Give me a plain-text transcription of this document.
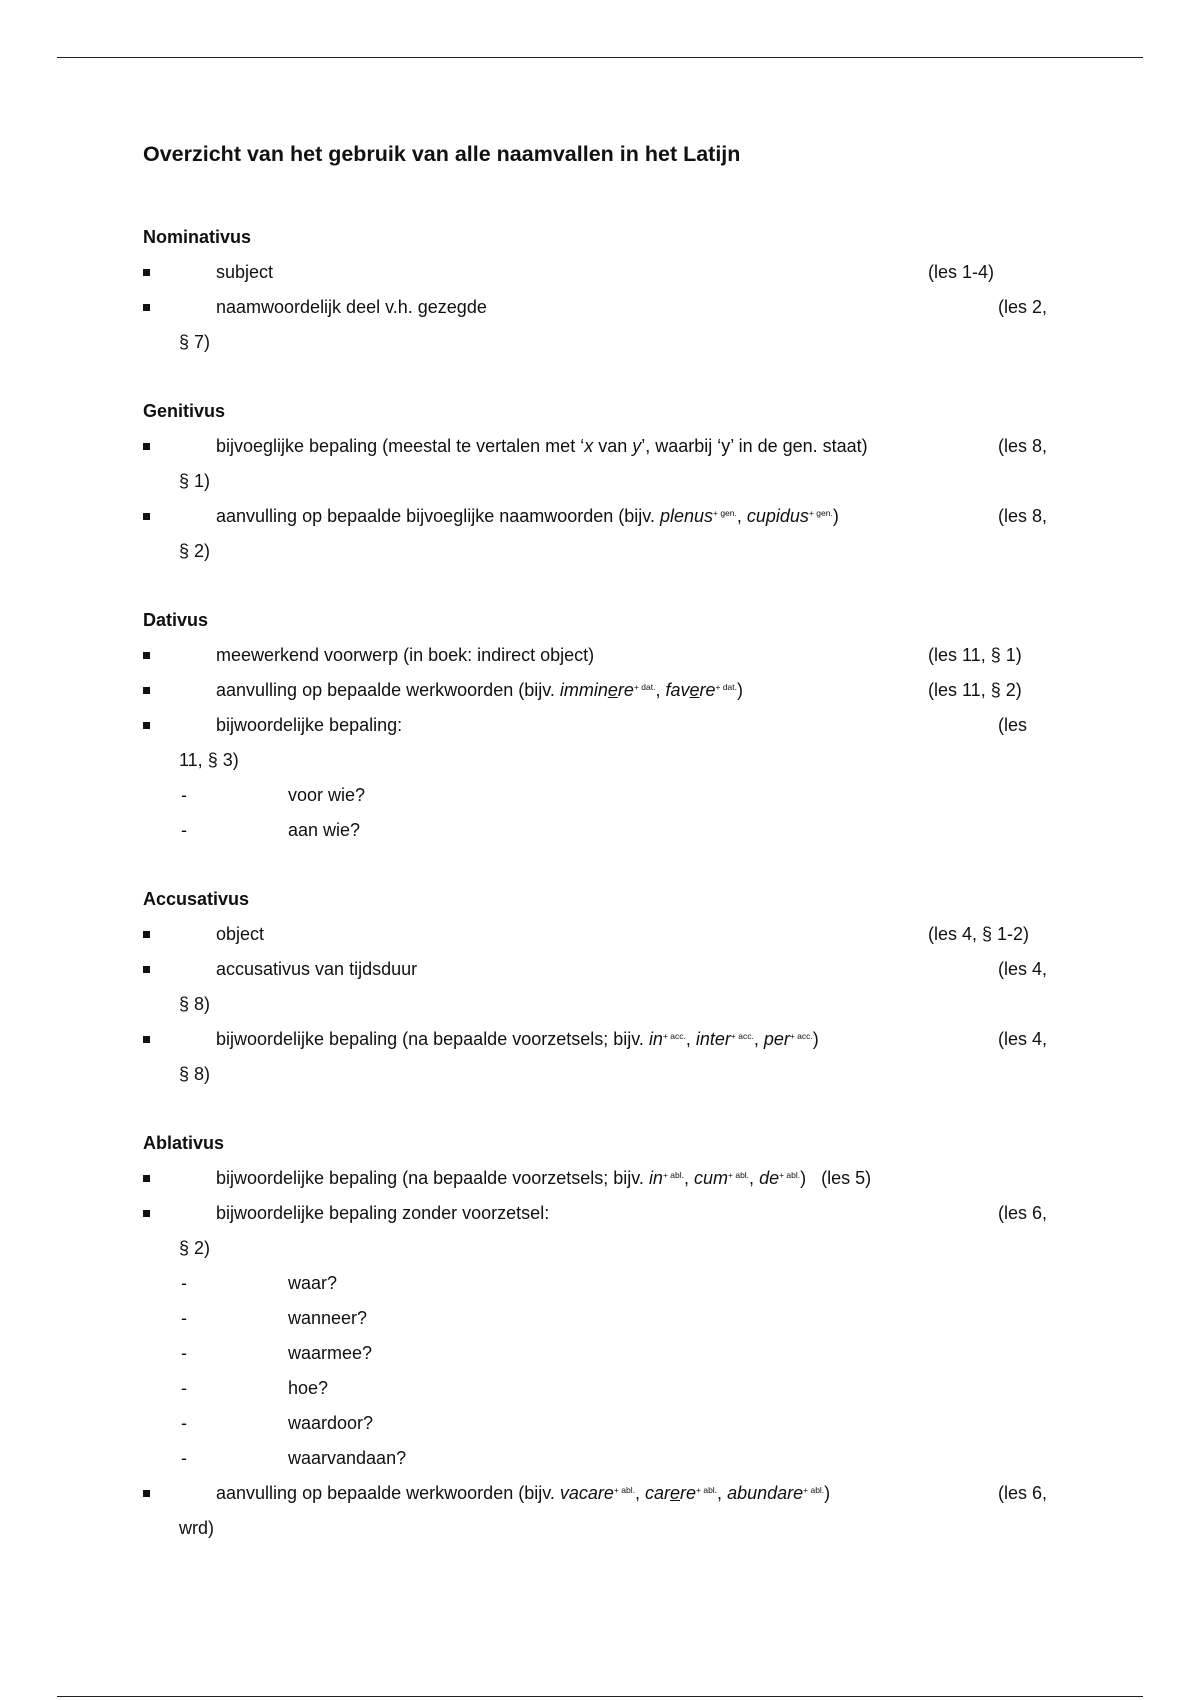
Overzicht van het gebruik van alle naamvallen in het Latijn
Nominativus
subject	(les 1-4)
naamwoordelijk deel v.h. gezegde	(les 2,
§ 7)
Genitivus
bijvoeglijke bepaling (meestal te vertalen met ‘x van y’, waarbij ‘y’ in de gen. staat)	(les 8,
§ 1)
aanvulling op bepaalde bijvoeglijke naamwoorden (bijv. plenus$^{+ gen.}$, cupidus$^{+ gen.}$)	(les 8,
§ 2)
Dativus
meewerkend voorwerp (in boek: indirect object)	(les 11, § 1)
aanvulling op bepaalde werkwoorden (bijv. imminere$^{+ dat.}$, favere$^{+ dat.}$)	(les 11, § 2)
bijwoordelijke bepaling:	(les
11, § 3)
-	voor wie?
-	aan wie?
Accusativus
object	(les 4, § 1-2)
accusativus van tijdsduur	(les 4,
§ 8)
bijwoordelijke bepaling (na bepaalde voorzetsels; bijv. $in^{+ acc.}$, inter$^{+ acc.}$, per$^{+ acc.}$)	(les 4,
§ 8)
Ablativus
bijwoordelijke bepaling (na bepaalde voorzetsels; bijv. $in^{+ abl.}$, cum$^{+ abl.}$, $de^{+ abl.}$) (les 5)
bijwoordelijke bepaling zonder voorzetsel:	(les 6,
§ 2)
-	waar?
-	wanneer?
-	waarmee?
-	hoe?
-	waardoor?
-	waarvandaan?
aanvulling op bepaalde werkwoorden (bijv. vacare$^{+ abl.}$, carere$^{+ abl.}$, abundare$^{+ abl.}$)	(les 6,
wrd)
